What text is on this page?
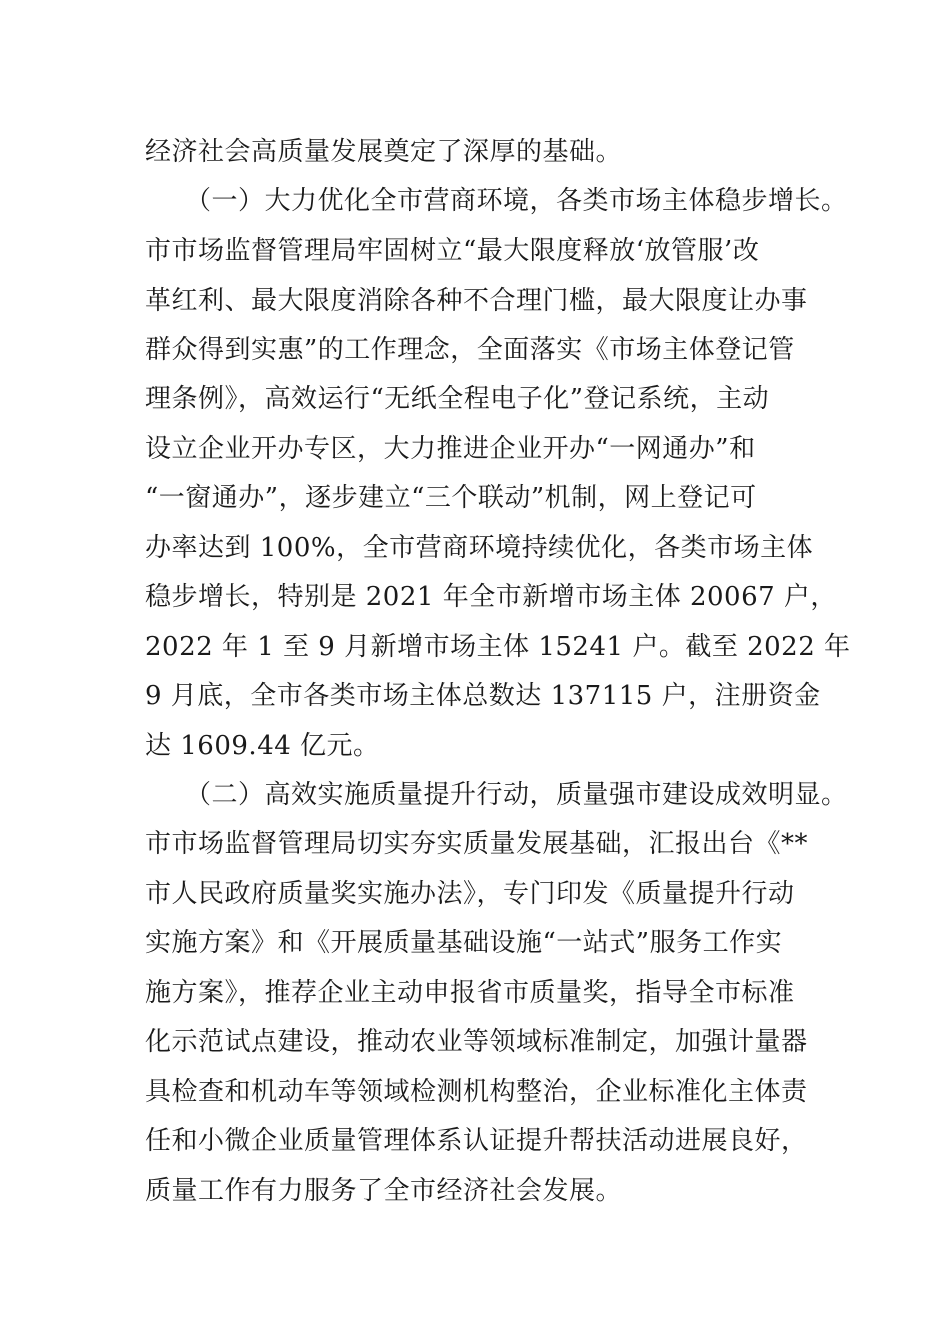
经济社会高质量发展奠定了深厚的基础。
（一）大力优化全市营商环境，各类市场主体稳步增长。
市市场监督管理局牢固树立“最大限度释放‘放管服’改
革红利、最大限度消除各种不合理门槛，最大限度让办事
群众得到实惠”的工作理念，全面落实《市场主体登记管
理条例》，高效运行“无纸全程电子化”登记系统，主动
设立企业开办专区，大力推进企业开办“一网通办”和
“一窗通办”，逐步建立“三个联动”机制，网上登记可
办率达到 100%，全市营商环境持续优化，各类市场主体
稳步增长，特别是 2021 年全市新增市场主体 20067 户，
2022 年 1 至 9 月新增市场主体 15241 户。截至 2022 年
9 月底，全市各类市场主体总数达 137115 户，注册资金
达 1609.44 亿元。
（二）高效实施质量提升行动，质量强市建设成效明显。
市市场监督管理局切实夯实质量发展基础，汇报出台《**
市人民政府质量奖实施办法》，专门印发《质量提升行动
实施方案》和《开展质量基础设施“一站式”服务工作实
施方案》，推荐企业主动申报省市质量奖，指导全市标准
化示范试点建设，推动农业等领域标准制定，加强计量器
具检查和机动车等领域检测机构整治，企业标准化主体责
任和小微企业质量管理体系认证提升帮扶活动进展良好，
质量工作有力服务了全市经济社会发展。
